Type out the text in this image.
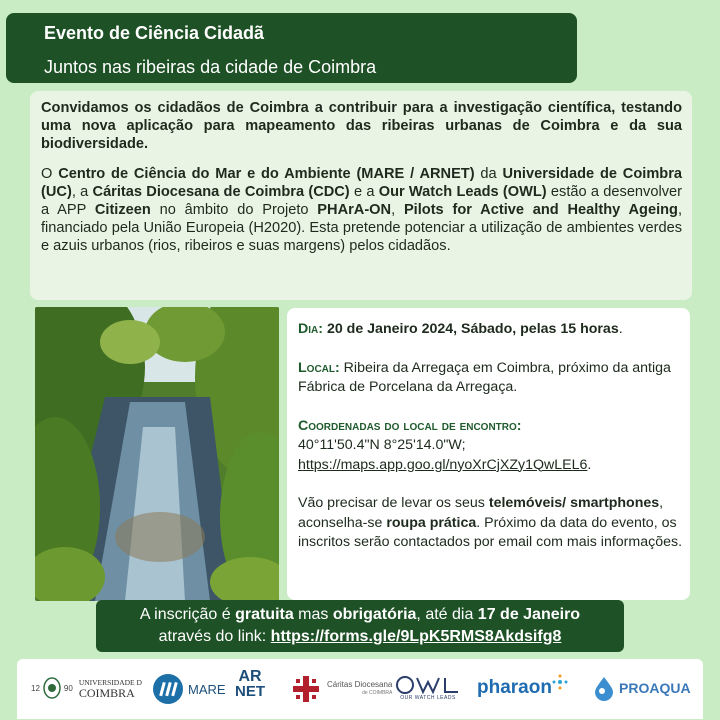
Evento de Ciência Cidadã
Juntos nas ribeiras da cidade de Coimbra

Convidamos os cidadãos de Coimbra a contribuir para a investigação científica, testando uma nova aplicação para mapeamento das ribeiras urbanas de Coimbra e da sua biodiversidade.

O Centro de Ciência do Mar e do Ambiente (MARE / ARNET) da Universidade de Coimbra (UC), a Cáritas Diocesana de Coimbra (CDC) e a Our Watch Leads (OWL) estão a desenvolver a APP Citizeen no âmbito do Projeto PHArA-ON, Pilots for Active and Healthy Ageing, financiado pela União Europeia (H2020). Esta pretende potenciar a utilização de ambientes verdes e azuis urbanos (rios, ribeiros e suas margens) pelos cidadãos.

Dia: 20 de Janeiro 2024, Sábado, pelas 15 horas.
Local: Ribeira da Arregaça em Coimbra, próximo da antiga Fábrica de Porcelana da Arregaça.
Coordenadas do local de encontro:
40°11'50.4"N 8°25'14.0"W;
https://maps.app.goo.gl/nyoXrCjXZy1QwLEL6.
Vão precisar de levar os seus telemóveis/ smartphones, aconselha-se roupa prática. Próximo da data do evento, os inscritos serão contactados por email com mais informações.
A inscrição é gratuita mas obrigatória, até dia 17 de Janeiro
através do link: https://forms.gle/9LpK5RMS8Akdsifg8
12	90
UNIVERSIDADE D
COIMBRA	MARE
AR
NET	Cáritas Diocesana
de COIMBRA
OUR WATCH LEADS pharaon	PROAQUA
